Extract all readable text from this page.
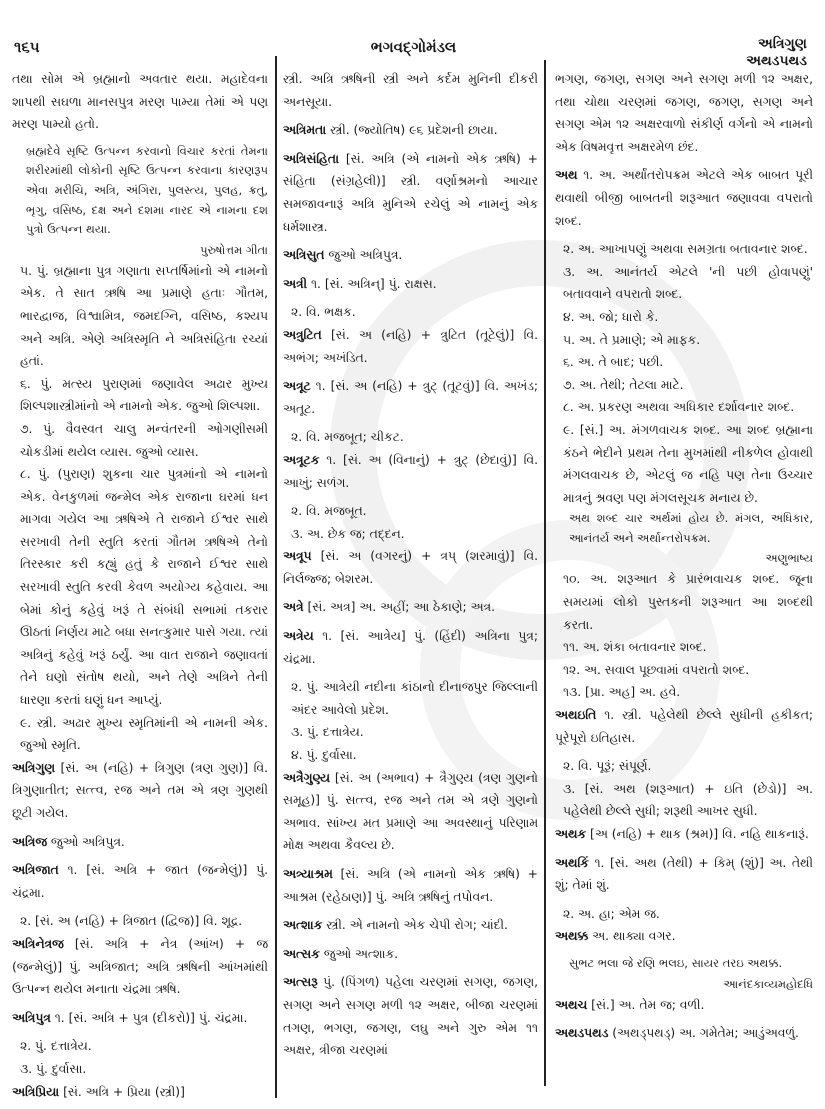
૧૬૫	ભગવદ્ગોમંડલ	અત્રિગુણ
અથડપથડ

તથા સોમ એ બ્રહ્માનો અવતાર થયા. મહાદેવના શાપથી સઘળા માનસપુત્ર મરણ પામ્યા તેમાં એ પણ મરણ પામ્યો હતો.

બ્રહ્મદેવે સૃષ્ટિ ઉત્પન્ન કરવાનો વિચાર કરતાં તેમના શરીરમાંથી લોકોની સૃષ્ટિ ઉત્પન્ન કરવાના કારણરૂપ એવા મરીચિ, અત્રિ, અંગિરા, પુલસ્ત્ય, પુલહ, ક્રતુ, ભૃગુ, વસિષ્ઠ, દક્ષ અને દશમા નારદ એ નામના દશ પુત્રો ઉત્પન્ન થયા.

પુરુષોત્તમ ગીતા

૫. પું. બ્રહ્માના પુત્ર ગણાતા સપ્તર્ષિમાંનો એ નામનો એક. તે સાત ઋષિ આ પ્રમાણે હતાઃ ગૌતમ, ભારદ્વાજ, વિશ્વામિત્ર, જમદગ્નિ, વસિષ્ઠ, કશ્યપ અને અત્રિ. એણે અત્રિસ્મૃતિ ને અત્રિસંહિતા રચ્યાં હતાં.

૬. પું. મત્સ્ય પુરાણમાં જણાવેલ અઢાર મુખ્ય શિલ્પશાસ્ત્રીમાંનો એ નામનો એક. જુઓ શિલ્પશા.

૭. પું. વૈવસ્વત ચાલુ મન્વંતરની ઓગણીસમી ચોકડીમાં થયેલ વ્યાસ. જુઓ વ્યાસ.

૮. પું. (પુરાણ) શુકના ચાર પુત્રમાંનો એ નામનો એક. વેનકુળમાં જન્મેલ એક રાજાના ઘરમાં ધન માગવા ગયેલ આ ઋષિએ તે રાજાને ઈશ્વર સાથે સરખાવી તેની સ્તુતિ કરતાં ગૌતમ ઋષિએ તેનો તિરસ્કાર કરી કહ્યું હતું કે રાજાને ઈશ્વર સાથે સરખાવી સ્તુતિ કરવી કેવળ અયોગ્ય કહેવાય. આ બેમાં કોનું કહેવું ખરૂં તે સંબંધી સભામાં તકરાર ઊઠતાં નિર્ણય માટે બધા સનત્કુમાર પાસે ગયા. ત્યાં અત્રિનું કહેવું ખરૂં ઠર્યું. આ વાત રાજાને જણાવતાં તેને ઘણો સંતોષ થયો, અને તેણે અત્રિને તેની ધારણા કરતાં ઘણું ધન આપ્યું.

૯. સ્ત્રી. અઢાર મુખ્ય સ્મૃતિમાંની એ નામની એક. જુઓ સ્મૃતિ.

અત્રિગુણ [સં. અ (નહિ) + ત્રિગુણ (ત્રણ ગુણ)] વિ. ત્રિગુણાતીત; સત્ત્વ, રજ અને તમ એ ત્રણ ગુણથી છૂટી ગયેલ.

અત્રિજ જુઓ અત્રિપુત્ર.

અત્રિજાત ૧. [સં. અત્રિ + જાત (જન્મેલું)] પું. ચંદ્રમા.

૨. [સં. અ (નહિ) + ત્રિજાત (દ્વિજ)] વિ. શૂદ્ર.

અત્રિનેત્રજ [સં. અત્રિ + નેત્ર (આંખ) + જ (જન્મેલું)] પું. અત્રિજાત; અત્રિ ઋષિની આંખમાંથી ઉત્પન્ન થયેલ મનાતા ચંદ્રમા ઋષિ.

અત્રિપુત્ર ૧. [સં. અત્રિ + પુત્ર (દીકરો)] પું. ચંદ્રમા.

૨. પું. દત્તાત્રેય.

૩. પું. દુર્વાસા.

અત્રિપ્રિયા [સં. અત્રિ + પ્રિયા (સ્ત્રી)]

સ્ત્રી. અત્રિ ઋષિની સ્ત્રી અને કર્દમ મુનિની દીકરી અનસૂયા.

અત્રિમતા સ્ત્રી. (જ્યોતિષ) ૯૬ પ્રદેશની છાયા.

અત્રિસંહિતા [સં. અત્રિ (એ નામનો એક ઋષિ) + સંહિતા (સંગ્રહેલી)] સ્ત્રી. વર્ણાશ્રમનો આચાર સમજાવનારૂં અત્રિ મુનિએ રચેલું એ નામનું એક ધર્મશાસ્ત્ર.

અત્રિસુત જુઓ અત્રિપુત્ર.

અત્રી ૧. [સં. અત્રિન્] પું. રાક્ષસ.

૨. વિ. ભક્ષક.

અત્રુટિત [સં. અ (નહિ) + ત્રુટિત (તૂટેલું)] વિ. અભંગ; અખંડિત.

અત્રૂટ ૧. [સં. અ (નહિ) + ત્રુટ્ (તૂટવું)] વિ. અખંડ; અતૂટ.

૨. વિ. મજબૂત; ચીકટ.

અત્રૂટક ૧. [સં. અ (વિનાનું) + ત્રુટ્ (છેદાવું)] વિ. આખું; સળંગ.

૨. વિ. મજબૂત.

૩. અ. છેક જ; તદ્દન.

અત્રૂપ [સં. અ (વગરનું) + ત્રપ્ (શરમાવું)] વિ. નિર્લજ્જ; બેશરમ.

અત્રે [સં. અત્ર] અ. અહીં; આ ઠેકાણે; અત્ર.

અત્રેય ૧. [સં. આત્રેય] પું. (હિંદી) અત્રિના પુત્ર; ચંદ્રમા.

૨. પું. આત્રેયી નદીના કાંઠાનો દીનાજપુર જિલ્લાની અંદર આવેલો પ્રદેશ.

૩. પું. દત્તાત્રેય.

૪. પું. દુર્વાસા.

અત્રૈગુણ્ય [સં. અ (અભાવ) + ત્રૈગુણ્ય (ત્રણ ગુણનો સમૂહ)] પું. સત્ત્વ, રજ અને તમ એ ત્રણે ગુણનો અભાવ. સાંખ્ય મત પ્રમાણે આ અવસ્થાનું પરિણામ મોક્ષ અથવા કૈવલ્ય છે.

અત્ર્યાશ્રમ [સં. અત્રિ (એ નામનો એક ઋષિ) + આશ્રમ (રહેઠાણ)] પું. અત્રિ ઋષિનું તપોવન.

અત્શાક સ્ત્રી. એ નામનો એક ચેપી રોગ; ચાંદી.

અત્સક જુઓ અત્શાક.

અત્સરૂ પું. (પિંગળ) પહેલા ચરણમાં સગણ, જગણ, સગણ અને સગણ મળી ૧૨ અક્ષર, બીજા ચરણમાં તગણ, ભગણ, જગણ, લઘુ અને ગુરુ એમ ૧૧ અક્ષર, ત્રીજા ચરણમાં

ભગણ, જગણ, સગણ અને સગણ મળી ૧૨ અક્ષર, તથા ચોથા ચરણમાં જગણ, જગણ, સગણ અને સગણ એમ ૧૨ અક્ષરવાળો સંકીર્ણ વર્ગનો એ નામનો એક વિષમવૃત્ત અક્ષરમેળ છંદ.

અથ ૧. અ. અર્થાંતરોપક્રમ એટલે એક બાબત પૂરી થવાથી બીજી બાબતની શરૂઆત જણાવવા વપરાતો શબ્દ.

૨. અ. આખાપણું અથવા સમગ્રતા બતાવનાર શબ્દ.

૩. અ. આનંતર્ય એટલે 'ની પછી હોવાપણું' બતાવવાને વપરાતો શબ્દ.

૪. અ. જો; ધારો કે.

૫. અ. તે પ્રમાણે; એ માફક.

૬. અ. તે બાદ; પછી.

૭. અ. તેથી; તેટલા માટે.

૮. અ. પ્રકરણ અથવા અધિકાર દર્શાવનાર શબ્દ.

૯. [સં.] અ. મંગળવાચક શબ્દ. આ શબ્દ બ્રહ્માના કંઠને ભેદીને પ્રથમ તેના મુખમાંથી નીકળેલ હોવાથી મંગલવાચક છે, એટલું જ નહિ પણ તેના ઉચ્ચાર માત્રનું શ્રવણ પણ મંગલસૂચક મનાય છે.

અથ શબ્દ ચાર અર્થમાં હોય છે. મંગલ, અધિકાર, આનંતર્ય અને અર્થાન્તરોપક્રમ.

અણુભાષ્ય

૧૦. અ. શરૂઆત કે પ્રારંભવાચક શબ્દ. જૂના સમયમાં લોકો પુસ્તકની શરૂઆત આ શબ્દથી કરતા.

૧૧. અ. શંકા બતાવનાર શબ્દ.

૧૨. અ. સવાલ પૂછવામાં વપરાતો શબ્દ.

૧૩. [પ્રા. અહ] અ. હવે.

અથઇતિ ૧. સ્ત્રી. પહેલેથી છેલ્લે સુધીની હકીકત; પૂરેપૂરો ઇતિહાસ.

૨. વિ. પૂરૂં; સંપૂર્ણ.

૩. [સં. અથ (શરૂઆત) + ઇતિ (છેડો)] અ. પહેલેથી છેલ્લે સુધી; શરૂથી આખર સુધી.

અથક [અ (નહિ) + થાક (શ્રમ)] વિ. નહિ થાકનારૂં.

અથકિં ૧. [સં. અથ (તેથી) + કિમ્ (શું)] અ. તેથી શું; તેમાં શું.

૨. અ. હા; એમ જ.

અથક્ક અ. થાક્યા વગર.

સુભટ ભલા જે રણિ ભલઇ, સાયર તરઇ અથક્ક.

આનંદકાવ્યમહોદધિ

અથચ [સં.] અ. તેમ જ; વળી.

અથડપથડ (અથડ્પથડ્) અ. ગમેતેમ; આડુંઅવળું.
